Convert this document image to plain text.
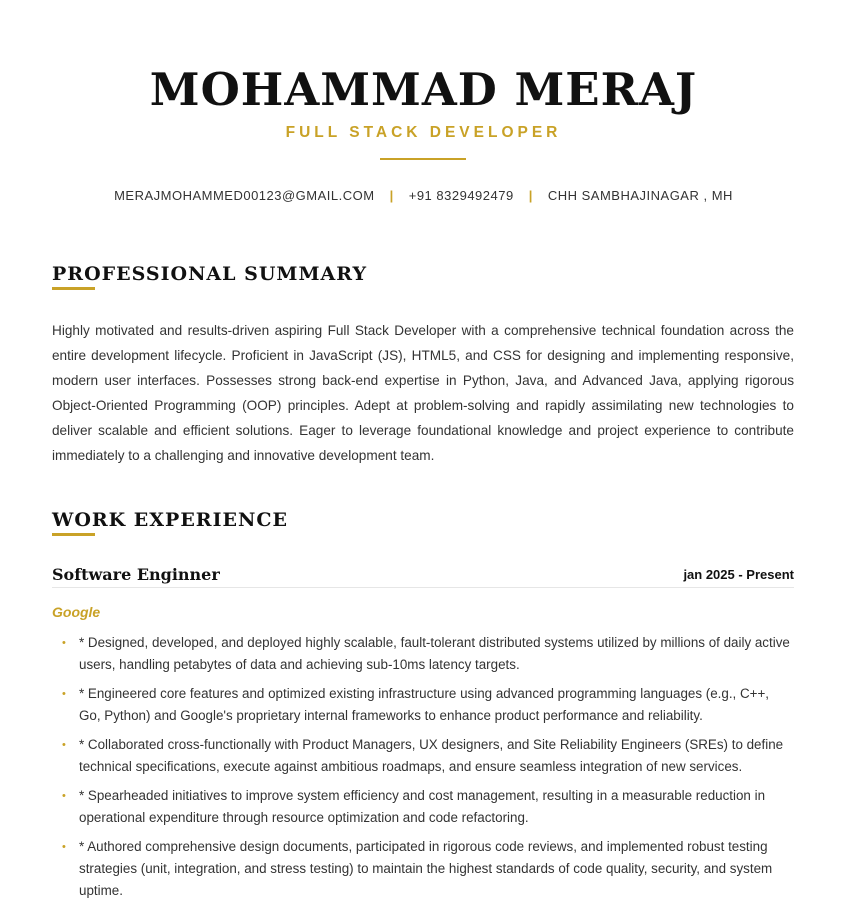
MOHAMMAD MERAJ
FULL STACK DEVELOPER
MERAJMOHAMMED00123@GMAIL.COM | +91 8329492479 | CHH SAMBHAJINAGAR , MH
PROFESSIONAL SUMMARY

Highly motivated and results-driven aspiring Full Stack Developer with a comprehensive technical foundation across the entire development lifecycle. Proficient in JavaScript (JS), HTML5, and CSS for designing and implementing responsive, modern user interfaces. Possesses strong back-end expertise in Python, Java, and Advanced Java, applying rigorous Object-Oriented Programming (OOP) principles. Adept at problem-solving and rapidly assimilating new technologies to deliver scalable and efficient solutions. Eager to leverage foundational knowledge and project experience to contribute immediately to a challenging and innovative development team.

WORK EXPERIENCE
Software Enginner	jan 2025 - Present
Google
• * Designed, developed, and deployed highly scalable, fault-tolerant distributed systems utilized by millions of daily active users, handling petabytes of data and achieving sub-10ms latency targets.
• * Engineered core features and optimized existing infrastructure using advanced programming languages (e.g., C++, Go, Python) and Google's proprietary internal frameworks to enhance product performance and reliability.
• * Collaborated cross-functionally with Product Managers, UX designers, and Site Reliability Engineers (SREs) to define technical specifications, execute against ambitious roadmaps, and ensure seamless integration of new services.
• * Spearheaded initiatives to improve system efficiency and cost management, resulting in a measurable reduction in operational expenditure through resource optimization and code refactoring.
• * Authored comprehensive design documents, participated in rigorous code reviews, and implemented robust testing strategies (unit, integration, and stress testing) to maintain the highest standards of code quality, security, and system uptime.
